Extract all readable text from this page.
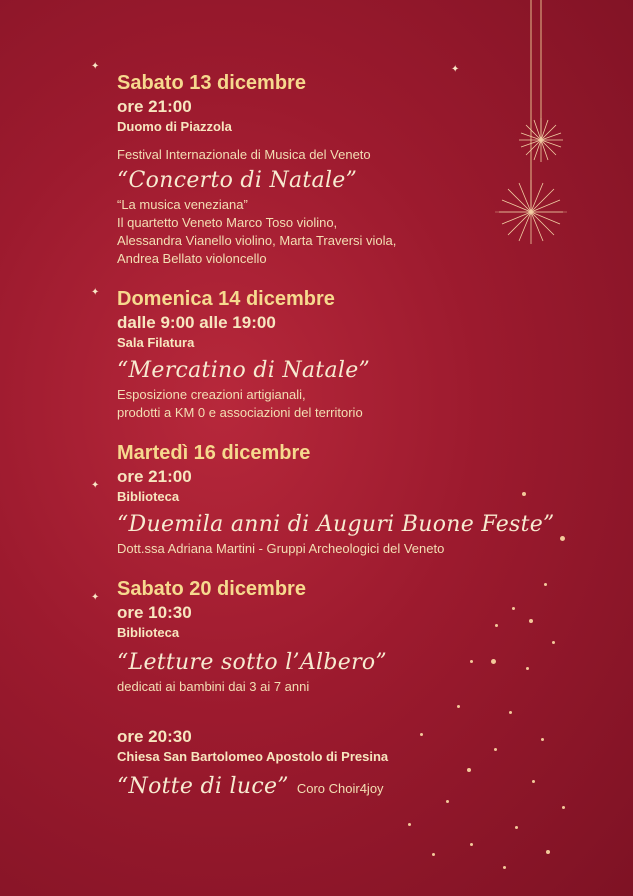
✦	✦
✦
✦
✦
Sabato 13 dicembre
ore 21:00
Duomo di Piazzola
Festival Internazionale di Musica del Veneto
“Concerto di Natale”
“La musica veneziana”
Il quartetto Veneto Marco Toso violino,
Alessandra Vianello violino, Marta Traversi viola,
Andrea Bellato violoncello
Domenica 14 dicembre
dalle 9:00 alle 19:00
Sala Filatura
“Mercatino di Natale”
Esposizione creazioni artigianali,
prodotti a KM 0 e associazioni del territorio
Martedì 16 dicembre
ore 21:00
Biblioteca
“Duemila anni di Auguri Buone Feste”
Dott.ssa Adriana Martini - Gruppi Archeologici del Veneto
Sabato 20 dicembre
ore 10:30
Biblioteca
“Letture sotto l’Albero”
dedicati ai bambini dai 3 ai 7 anni
ore 20:30
Chiesa San Bartolomeo Apostolo di Presina
“Notte di luce” Coro Choir4joy
